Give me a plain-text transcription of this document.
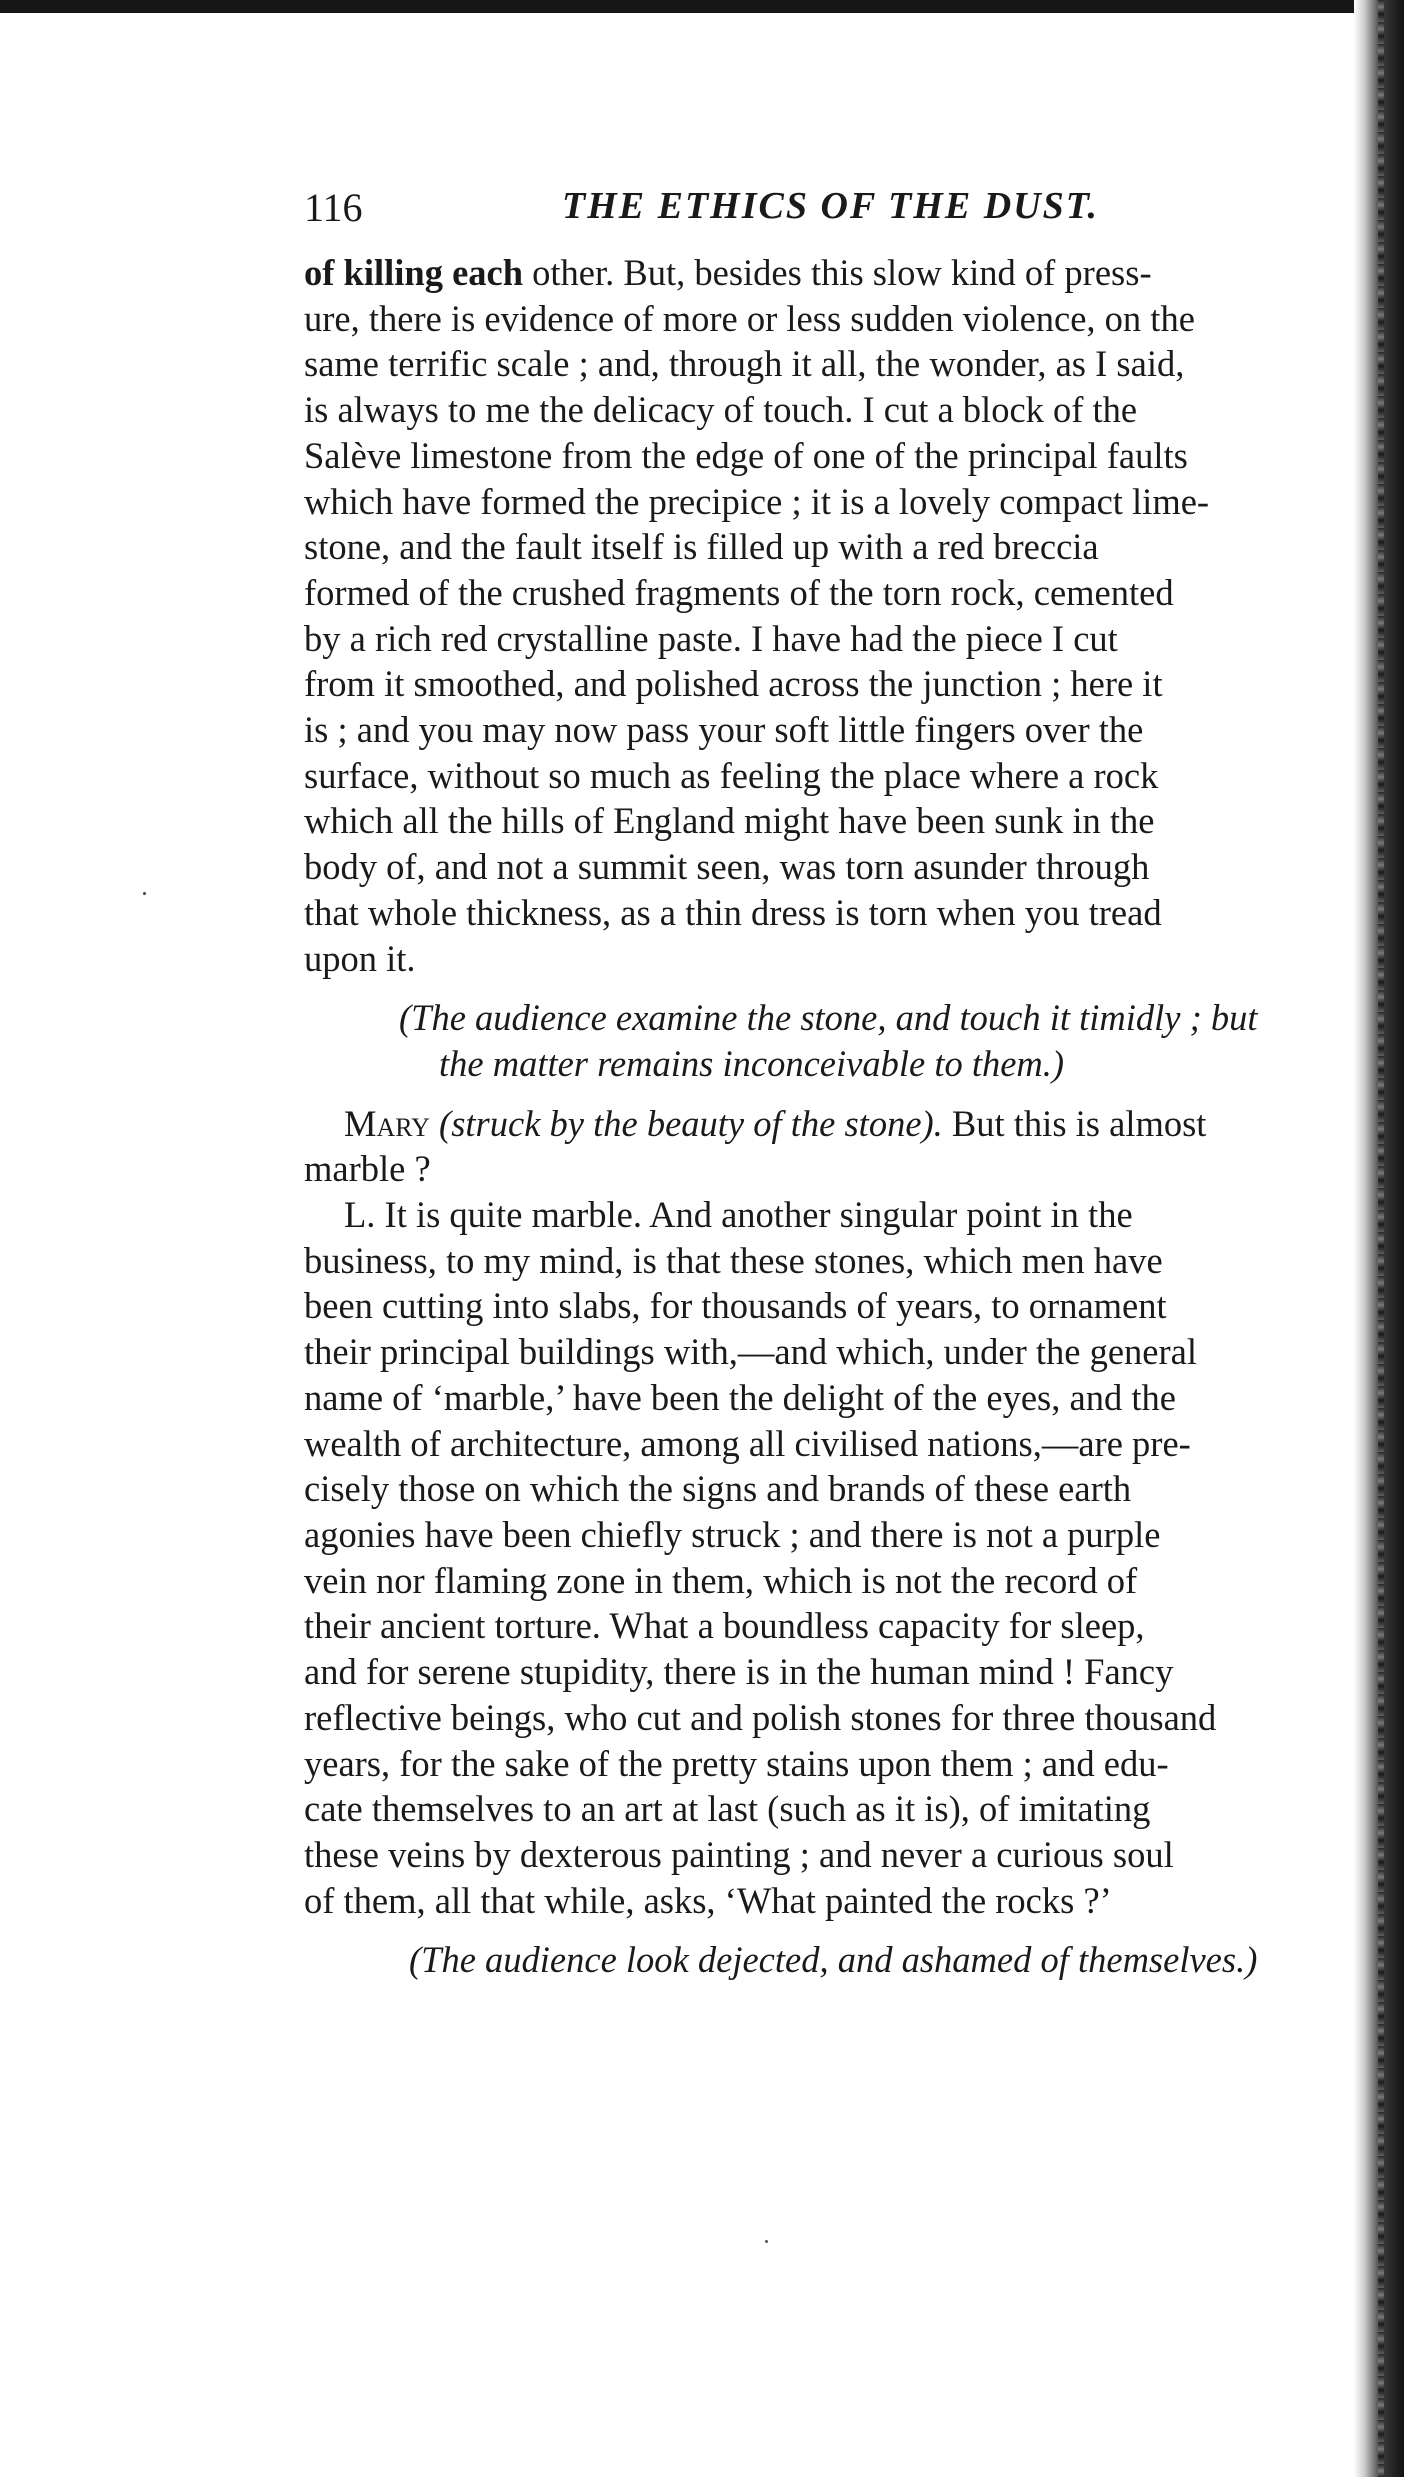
116	THE ETHICS OF THE DUST.
of killing each other. But, besides this slow kind of press-
ure, there is evidence of more or less sudden violence, on the
same terrific scale ; and, through it all, the wonder, as I said,
is always to me the delicacy of touch. I cut a block of the
Salève limestone from the edge of one of the principal faults
which have formed the precipice ; it is a lovely compact lime-
stone, and the fault itself is filled up with a red breccia
formed of the crushed fragments of the torn rock, cemented
by a rich red crystalline paste. I have had the piece I cut
from it smoothed, and polished across the junction ; here it
is ; and you may now pass your soft little fingers over the
surface, without so much as feeling the place where a rock
which all the hills of England might have been sunk in the
body of, and not a summit seen, was torn asunder through
that whole thickness, as a thin dress is torn when you tread
upon it.
(The audience examine the stone, and touch it timidly ; but
the matter remains inconceivable to them.)
Mary (struck by the beauty of the stone). But this is almost
marble ?
L. It is quite marble. And another singular point in the
business, to my mind, is that these stones, which men have
been cutting into slabs, for thousands of years, to ornament
their principal buildings with,—and which, under the general
name of ‘marble,’ have been the delight of the eyes, and the
wealth of architecture, among all civilised nations,—are pre-
cisely those on which the signs and brands of these earth
agonies have been chiefly struck ; and there is not a purple
vein nor flaming zone in them, which is not the record of
their ancient torture. What a boundless capacity for sleep,
and for serene stupidity, there is in the human mind ! Fancy
reflective beings, who cut and polish stones for three thousand
years, for the sake of the pretty stains upon them ; and edu-
cate themselves to an art at last (such as it is), of imitating
these veins by dexterous painting ; and never a curious soul
of them, all that while, asks, ‘What painted the rocks ?’
(The audience look dejected, and ashamed of themselves.)
